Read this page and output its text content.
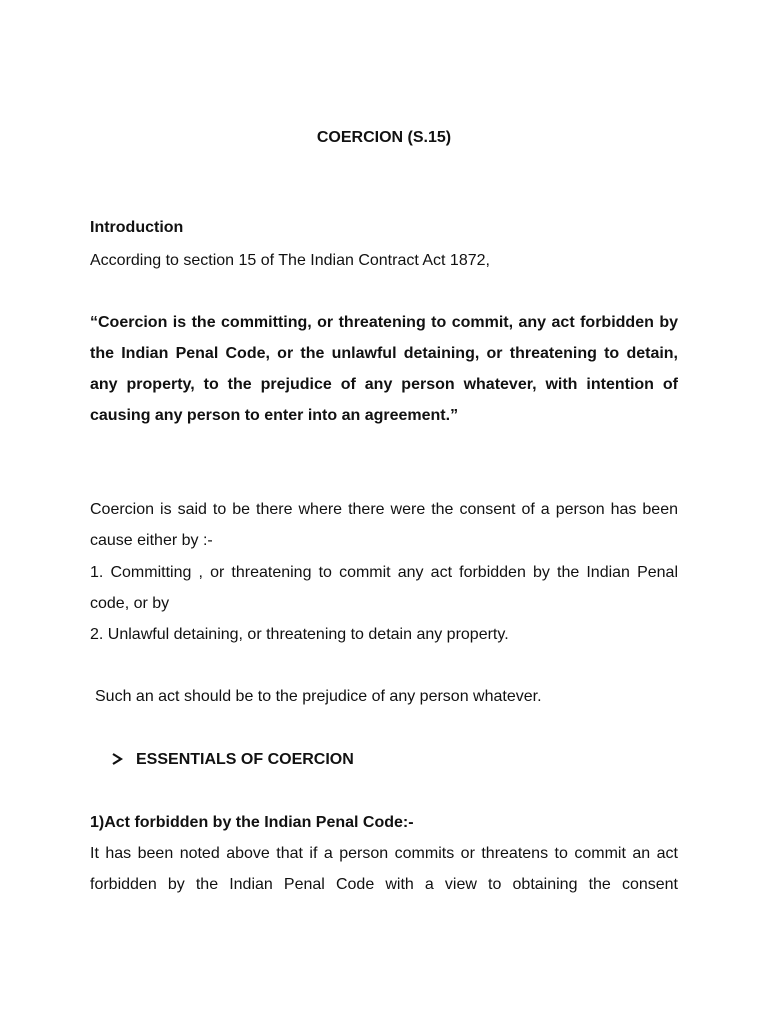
COERCION (S.15)
Introduction

According to section 15 of The Indian Contract Act 1872,

“Coercion is the committing, or threatening to commit, any act forbidden by the Indian Penal Code, or the unlawful detaining, or threatening to detain, any property, to the prejudice of any person whatever, with intention of causing any person to enter into an agreement.”

Coercion is said to be there where there were the consent of a person has been cause either by :-

1. Committing , or threatening to commit any act forbidden by the Indian Penal code, or by

2. Unlawful detaining, or threatening to detain any property.

Such an act should be to the prejudice of any person whatever.

ESSENTIALS OF COERCION
1)Act forbidden by the Indian Penal Code:-

It has been noted above that if a person commits or threatens to commit an act forbidden by the Indian Penal Code with a view to obtaining the consent
